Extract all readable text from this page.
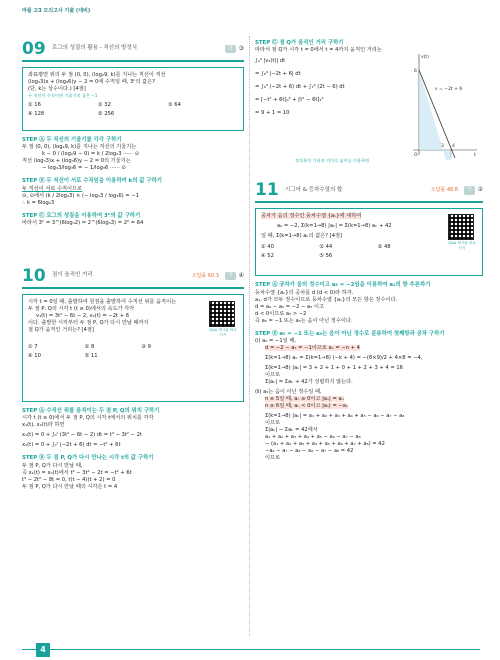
마플 고3 모의고사 기출 (대비)
09	로그의 성질의 활용 - 직선의 방정식	상	③
좌표평면 위의 두 점 (0, 0), (log₂9, k)를 지나는 직선이 직선
(log₃3)x + (log₃6)y − 2 = 0에 수직일 때, 3ᵏ의 값은?
(단, k는 상수이다.) [4점]
두 직선이 수직이면 기울기의 곱은 −1
① 16	② 32	③ 64
④ 128	⑤ 256
STEP Ⓐ 두 직선의 기울기를 각각 구하기
두 점 (0, 0), (log₂9, k)를 지나는 직선의 기울기는
k − 0 / (log₂9 − 0) = k / 2log₂3 ······ ⊙
직선 (log₃3)x + (log₃6)y − 2 = 0의 기울기는
− log₃3/log₃6 = − 1/log₃6 ······ ⊙
STEP Ⓑ 두 직선이 서로 수직임을 이용하여 k의 값 구하기
두 직선이 서로 수직이므로
⊙, ⊙에서 (k / 2log₂3) × (− log₃3 / log₃6) = −1
∴ k = 6log₂3
STEP Ⓒ 로그의 성질을 이용하여 3ᵏ의 값 구하기
따라서 3ᵏ = 3^(6log₃2) = 2^(6log₃3) = 2⁶ = 64
10	점이 움직인 거리	오답률 60.3	상	④
시각 t = 0일 때, 출발하여 원점을 출발하여 수직선 위를 움직이는
두 점 P, Q의 시각 t (t ≥ 0)에서의 속도가 각각
v₁(t) = 3t² − 6t − 2, v₂(t) = −2t + 6
이다. 출발한 시각부터 두 점 P, Q가 다시 만날 때까지
점 Q가 움직인 거리는? [4점]
① 7	② 8	③ 9
④ 10	⑤ 11
Q&A 게시판 바로가기
STEP Ⓐ 수직선 위를 움직이는 두 점 P, Q의 위치 구하기
시각 t (t ≥ 0)에서 두 점 P, Q의 시각 t에서의 위치를 각각
x₁(t), x₂(t)라 하면
x₁(t) = 0 + ∫₀ᵗ (3t² − 6t − 2) dt = t³ − 3t² − 2t
x₂(t) = 0 + ∫₀ᵗ (−2t + 6) dt = −t² + 6t
STEP Ⓑ 두 점 P, Q가 다시 만나는 시각 t의 값 구하기
두 점 P, Q가 다시 만날 때,
즉 x₁(t) = x₂(t)에서 t³ − 3t² − 2t = −t² + 6t
t³ − 2t² − 8t = 0, t(t − 4)(t + 2) = 0
두 점 P, Q가 다시 만날 때의 시각은 t = 4
STEP Ⓒ 점 Q가 움직인 거리 구하기
따라서 점 Q가 시각 t = 0에서 t = 4까지 움직인 거리는
∫₀⁴ |v₂(t)| dt
= ∫₀⁴ |−2t + 6| dt
= ∫₀³ (−2t + 6) dt + ∫₃⁴ (2t − 6) dt
= [−t² + 6t]₀³ + [t² − 6t]₃⁴
= 9 + 1 = 10
정적분의 기하적 의미로 넓이를 이용하면
v = −2t + 6
t
v(t)
O
6
3 4
11	시그마 & 등차수열의 합	오답률 48.8	상	②
공차가 음의 정수인 등차수열 {aₙ}에 대하여
a₆ = −2, Σ(k=1→8) |aₖ| = Σ(k=1→8) aₖ + 42
일 때, Σ(k=1→8) aₖ의 값은? [4점]
① 40	② 44	③ 48
④ 52	⑤ 56
Q&A 게시판 바로가기
STEP Ⓐ 공차가 음의 정수이고 a₆ = −2임을 이용하여 a₁의 항 추론하기
등차수열 {aₙ}의 공차를 d (d < 0)라 하자.
a₁, d가 모두 정수이므로 등차수열 {aₙ}의 모든 항은 정수이다.
d = a₆ − a₅ = −2 − a₅ 이고
d < 0이므로 a₅ > −2
즉 a₅ = −1 또는 a₅는 음이 아닌 정수이다.
STEP Ⓑ a₅ = −1 또는 a₅는 음이 아닌 정수로 분류하여 첫째항과 공차 구하기
(ⅰ) a₅ = −1일 때,
d = −2 − a₅ = −1이므로 aₙ = −n + 4
Σ(k=1→8) aₖ = Σ(k=1→8) (−k + 4) = −(8×9)/2 + 4×8 = −4,
Σ(k=1→8) |aₖ| = 3 + 2 + 1 + 0 + 1 + 2 + 3 + 4 = 16
이므로
Σ|aₖ| = Σaₖ + 42가 성립하지 않는다.
(ⅱ) a₅는 음이 아닌 정수일 때,
n ≤ 5일 때, aₙ ≥ 0이고 |aₙ| = aₙ
n ≥ 6일 때, aₙ < 0이고 |aₙ| = −aₙ
Σ(k=1→8) |aₖ| = a₁ + a₂ + a₃ + a₄ + a₅ − a₆ − a₇ − a₈
이므로
Σ|aₖ| − Σaₖ = 42에서
a₁ + a₂ + a₃ + a₄ + a₅ − a₆ − a₇ − a₈
− (a₁ + a₂ + a₃ + a₄ + a₅ + a₆ + a₇ + a₈) = 42
−a₆ − a₇ − a₈ − a₆ − a₇ − a₈ = 42
이므로
4
